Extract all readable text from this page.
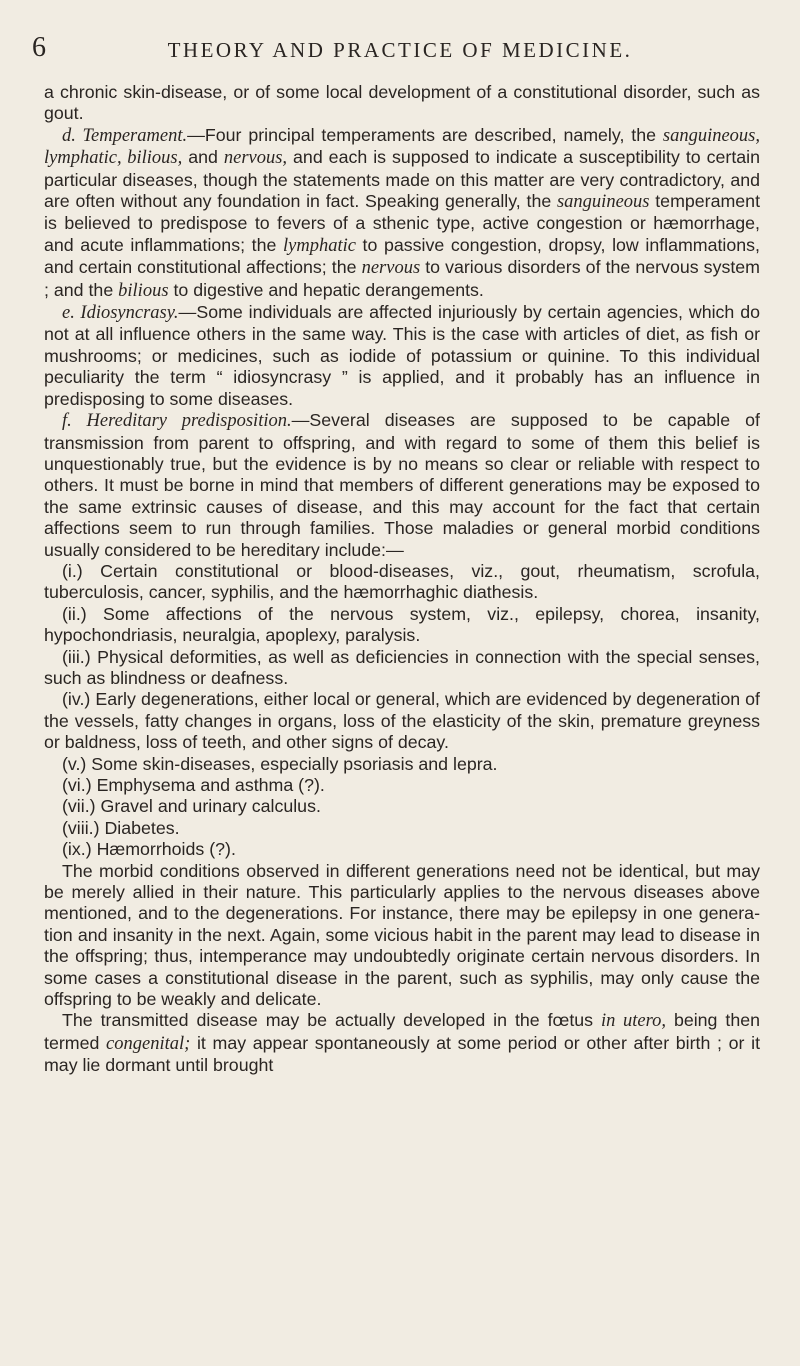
6	THEORY AND PRACTICE OF MEDICINE.

a chronic skin-disease, or of some local development of a constitutional disorder, such as gout.

d. Temperament.—Four principal temperaments are described, namely, the sanguineous, lymphatic, bilious, and nervous, and each is supposed to indicate a susceptibility to certain particular diseases, though the statements made on this matter are very contradictory, and are often without any foundation in fact. Speaking generally, the sanguineous temperament is believed to predispose to fevers of a sthenic type, active congestion or hæmorrhage, and acute inflammations; the lymphatic to passive congestion, dropsy, low inflammations, and certain constitutional affections; the nervous to various disorders of the nervous system ; and the bilious to digestive and hepatic derangements.

e. Idiosyncrasy.—Some individuals are affected injuriously by certain agencies, which do not at all influence others in the same way. This is the case with articles of diet, as fish or mushrooms; or medicines, such as iodide of potassium or quinine. To this individual peculiarity the term “ idiosyncrasy ” is applied, and it probably has an influence in predisposing to some diseases.

f. Hereditary predisposition.—Several diseases are supposed to be capable of transmission from parent to offspring, and with regard to some of them this belief is unquestionably true, but the evidence is by no means so clear or reliable with respect to others. It must be borne in mind that members of different generations may be exposed to the same extrinsic causes of disease, and this may account for the fact that certain affections seem to run through families. Those maladies or general morbid conditions usually considered to be hereditary include:—

(i.) Certain constitutional or blood-diseases, viz., gout, rheumatism, scrofula, tuberculosis, cancer, syphilis, and the hæmorrhaghic diathesis.

(ii.) Some affections of the nervous system, viz., epilepsy, chorea, insanity, hypochondriasis, neuralgia, apoplexy, paralysis.

(iii.) Physical deformities, as well as deficiencies in connection with the special senses, such as blindness or deafness.

(iv.) Early degenerations, either local or general, which are evidenced by degeneration of the vessels, fatty changes in organs, loss of the elasticity of the skin, premature greyness or baldness, loss of teeth, and other signs of decay.

(v.) Some skin-diseases, especially psoriasis and lepra.

(vi.) Emphysema and asthma (?).

(vii.) Gravel and urinary calculus.

(viii.) Diabetes.

(ix.) Hæmorrhoids (?).

The morbid conditions observed in different generations need not be identical, but may be merely allied in their nature. This particularly applies to the nervous diseases above mentioned, and to the degenerations. For instance, there may be epilepsy in one generation and insanity in the next. Again, some vicious habit in the parent may lead to disease in the offspring; thus, intemperance may undoubtedly originate certain nervous disorders. In some cases a constitutional disease in the parent, such as syphilis, may only cause the offspring to be weakly and delicate.

The transmitted disease may be actually developed in the fœtus in utero, being then termed congenital; it may appear spontaneously at some period or other after birth ; or it may lie dormant until brought
